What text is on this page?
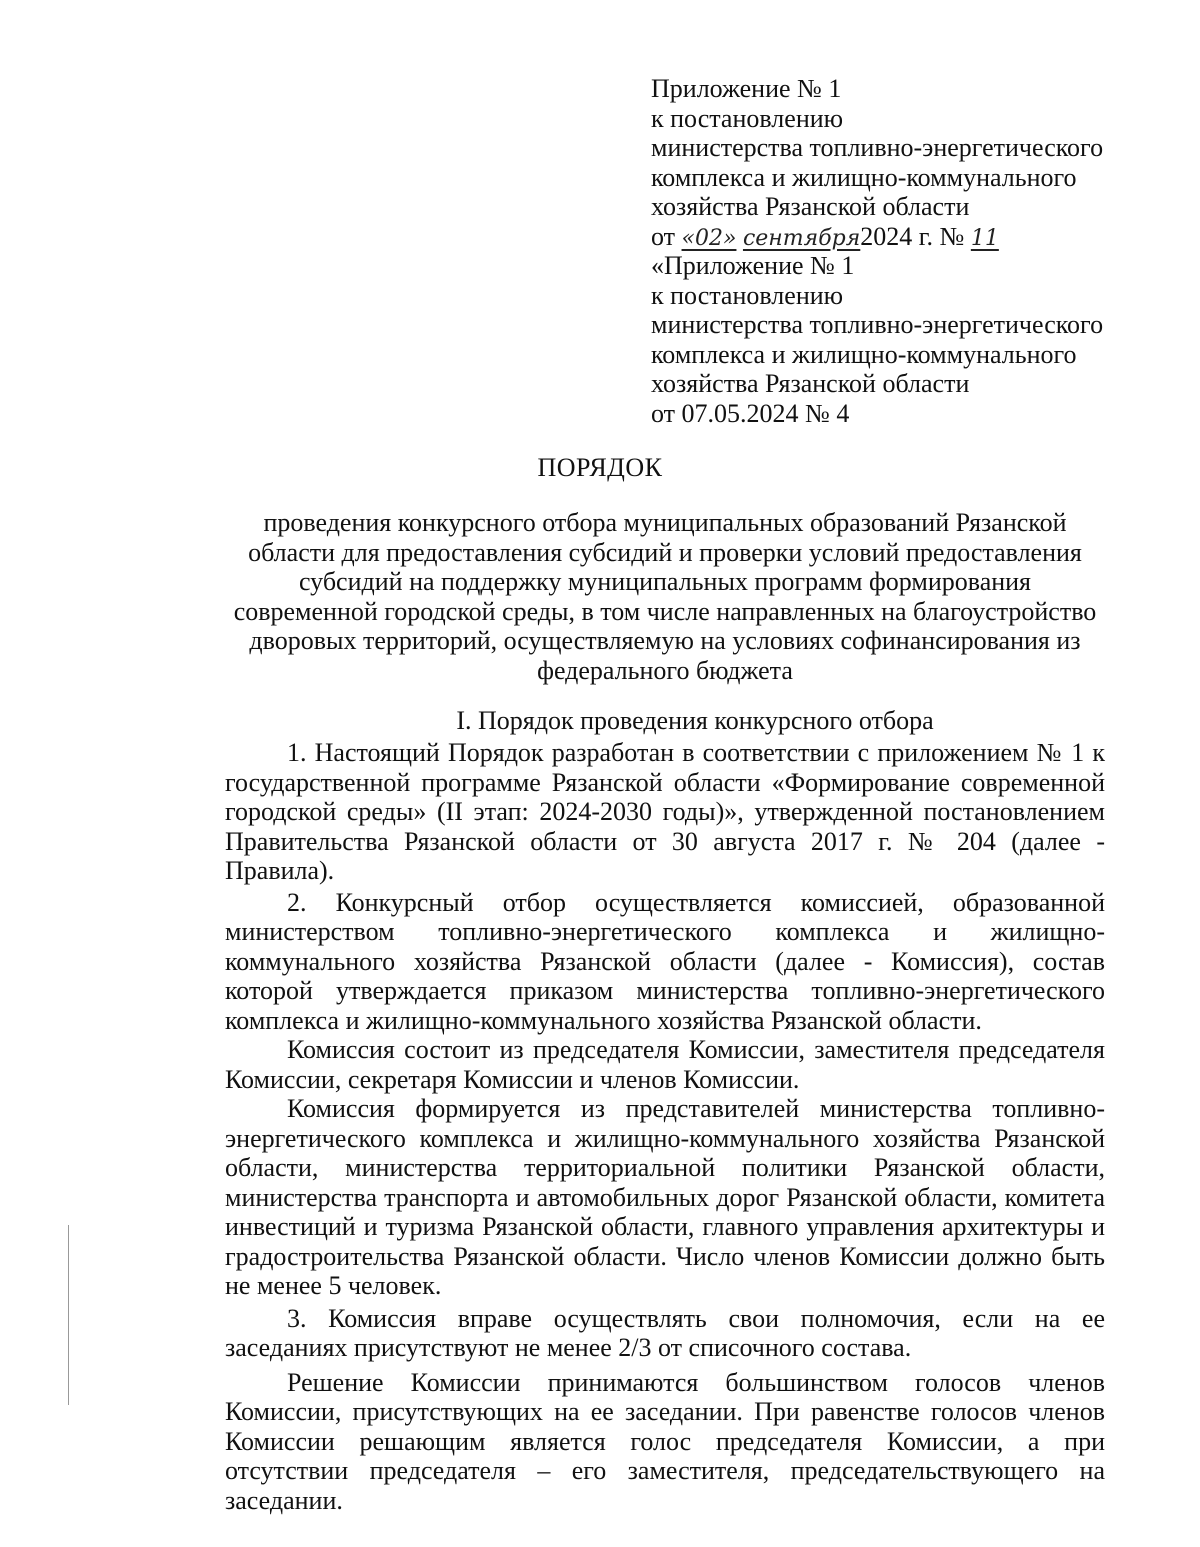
Приложение № 1
к постановлению
министерства топливно-энергетического
комплекса и жилищно-коммунального
хозяйства Рязанской области
от «02» сентября2024 г. № 11
«Приложение № 1
к постановлению
министерства топливно-энергетического
комплекса и жилищно-коммунального
хозяйства Рязанской области
от 07.05.2024 № 4
ПОРЯДОК
проведения конкурсного отбора муниципальных образований Рязанской области для предоставления субсидий и проверки условий предоставления субсидий на поддержку муниципальных программ формирования современной городской среды, в том числе направленных на благоустройство дворовых территорий, осуществляемую на условиях софинансирования из федерального бюджета
I. Порядок проведения конкурсного отбора

1. Настоящий Порядок разработан в соответствии с приложением № 1 к государственной программе Рязанской области «Формирование современной городской среды» (II этап: 2024-2030 годы)», утвержденной постановлением Правительства Рязанской области от 30 августа 2017 г. № 204 (далее - Правила).

2. Конкурсный отбор осуществляется комиссией, образованной министерством топливно-энергетического комплекса и жилищно-коммунального хозяйства Рязанской области (далее - Комиссия), состав которой утверждается приказом министерства топливно-энергетического комплекса и жилищно-коммунального хозяйства Рязанской области.

Комиссия состоит из председателя Комиссии, заместителя председателя Комиссии, секретаря Комиссии и членов Комиссии.

Комиссия формируется из представителей министерства топливно-энергетического комплекса и жилищно-коммунального хозяйства Рязанской области, министерства территориальной политики Рязанской области, министерства транспорта и автомобильных дорог Рязанской области, комитета инвестиций и туризма Рязанской области, главного управления архитектуры и градостроительства Рязанской области. Число членов Комиссии должно быть не менее 5 человек.

3. Комиссия вправе осуществлять свои полномочия, если на ее заседаниях присутствуют не менее 2/3 от списочного состава.

Решение Комиссии принимаются большинством голосов членов Комиссии, присутствующих на ее заседании. При равенстве голосов членов Комиссии решающим является голос председателя Комиссии, а при отсутствии председателя – его заместителя, председательствующего на заседании.
